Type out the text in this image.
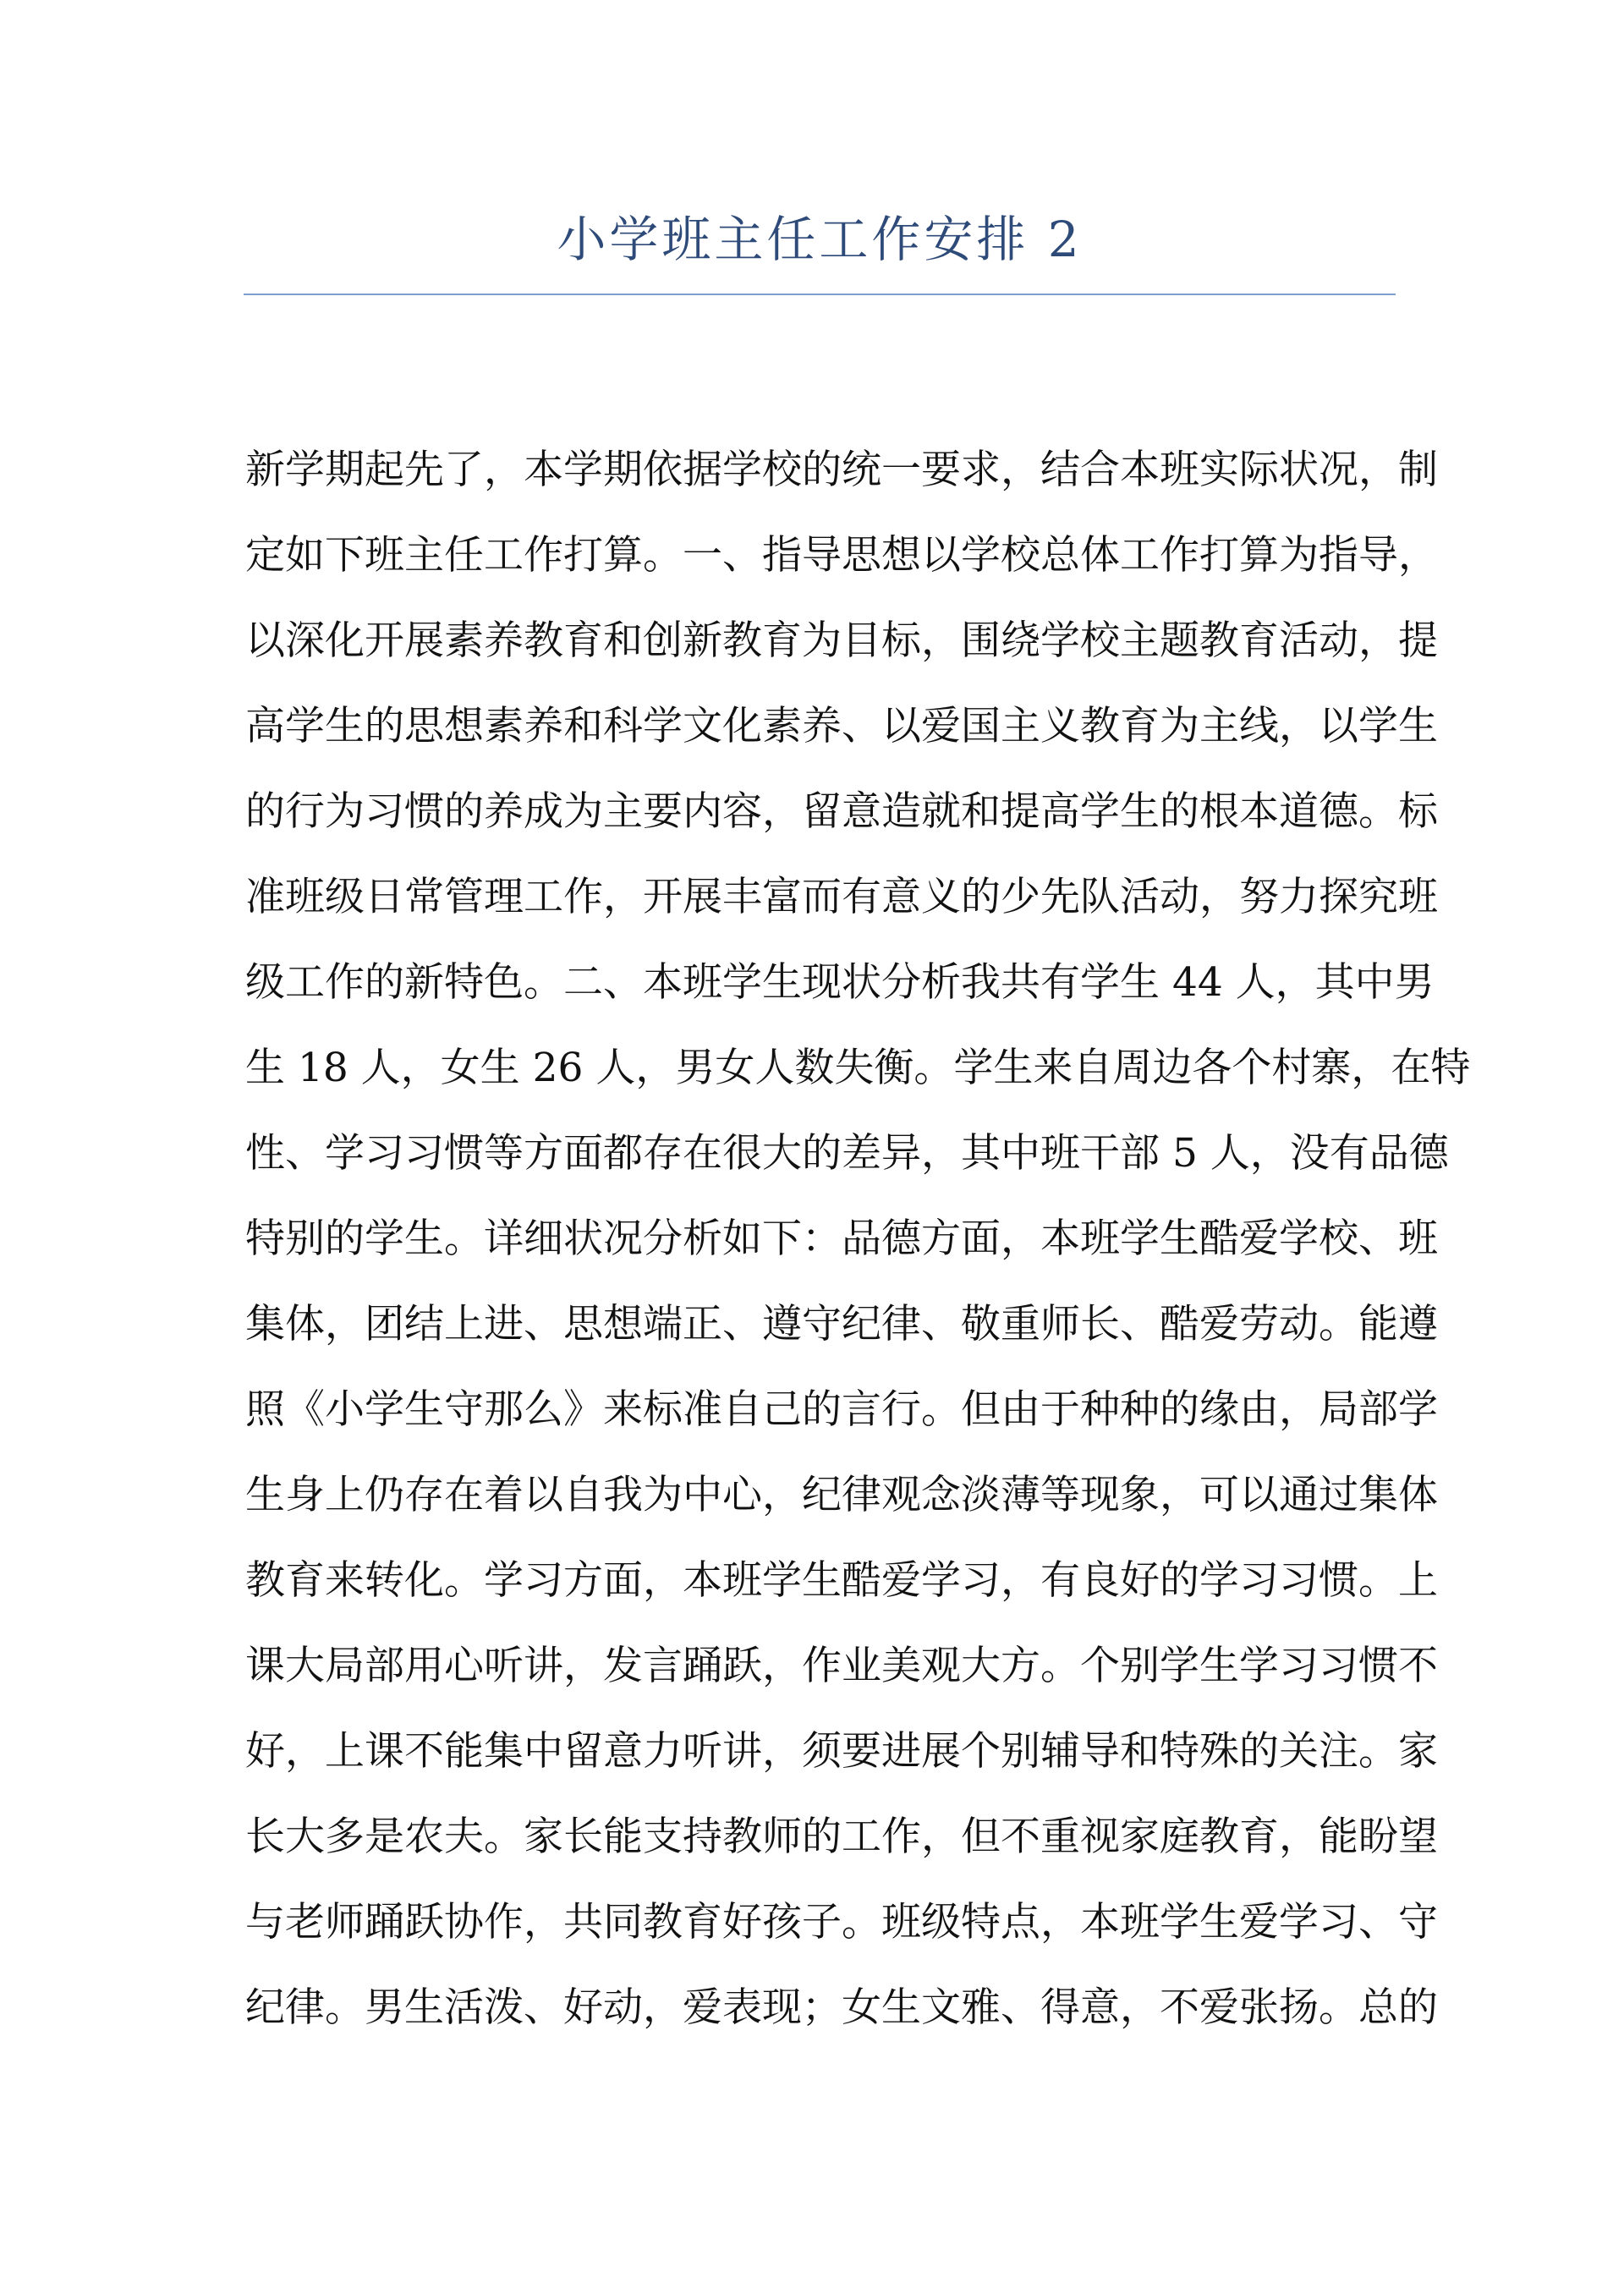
小学班主任工作安排 2
新学期起先了，本学期依据学校的统一要求，结合本班实际状况，制
定如下班主任工作打算。一、指导思想以学校总体工作打算为指导，
以深化开展素养教育和创新教育为目标，围绕学校主题教育活动，提
高学生的思想素养和科学文化素养、以爱国主义教育为主线，以学生
的行为习惯的养成为主要内容，留意造就和提高学生的根本道德。标
准班级日常管理工作，开展丰富而有意义的少先队活动，努力探究班
级工作的新特色。二、本班学生现状分析我共有学生 44 人，其中男
生 18 人，女生 26 人，男女人数失衡。学生来自周边各个村寨，在特
性、学习习惯等方面都存在很大的差异，其中班干部 5 人，没有品德
特别的学生。详细状况分析如下：品德方面，本班学生酷爱学校、班
集体，团结上进、思想端正、遵守纪律、敬重师长、酷爱劳动。能遵
照《小学生守那么》来标准自己的言行。但由于种种的缘由，局部学
生身上仍存在着以自我为中心，纪律观念淡薄等现象，可以通过集体
教育来转化。学习方面，本班学生酷爱学习，有良好的学习习惯。上
课大局部用心听讲，发言踊跃，作业美观大方。个别学生学习习惯不
好，上课不能集中留意力听讲，须要进展个别辅导和特殊的关注。家
长大多是农夫。家长能支持教师的工作，但不重视家庭教育，能盼望
与老师踊跃协作，共同教育好孩子。班级特点，本班学生爱学习、守
纪律。男生活泼、好动，爱表现；女生文雅、得意，不爱张扬。总的
